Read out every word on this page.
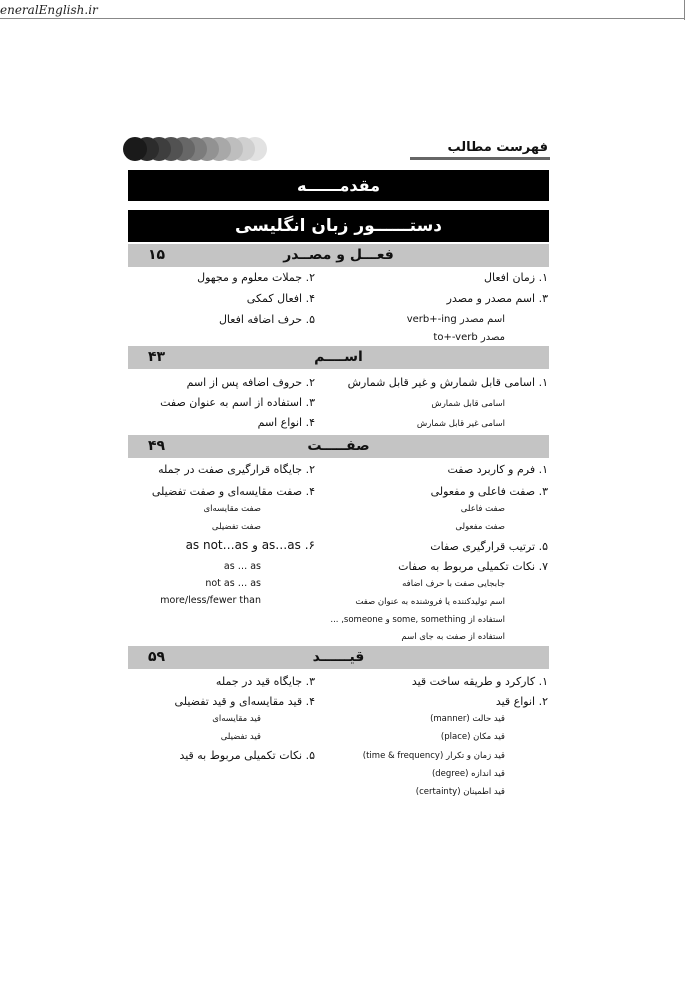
eneralEnglish.ir
فهرست مطالب
مقدمــــــه
دستــــــور زبان انگلیسی
فعـــل و مصــدر
۱۵
۱. زمان افعال
۲. جملات معلوم و مجهول
۳. اسم مصدر و مصدر
۴. افعال کمکی
اسم مصدر verb+-ing
۵. حرف اضافه افعال
مصدر to+-verb
اســــم
۴۳
۱. اسامی قابل شمارش و غیر قابل شمارش
۲. حروف اضافه پس از اسم
اسامی قابل شمارش
۳. استفاده از اسم به عنوان صفت
اسامی غیر قابل شمارش
۴. انواع اسم
صفـــــت
۴۹
۱. فرم و کاربرد صفت
۲. جایگاه قرارگیری صفت در جمله
۳. صفت فاعلی و مفعولی
۴. صفت مقایسه‌ای و صفت تفضیلی
صفت فاعلی
صفت مقایسه‌ای
صفت مفعولی
صفت تفضیلی
۵. ترتیب قرارگیری صفات
۶. as…as و as not…as
۷. نکات تکمیلی مربوط به صفات
as … as
جابجایی صفت با حرف اضافه
not as … as
اسم تولیدکننده یا فروشنده به عنوان صفت
more/less/fewer than
استفاده از some, something و someone, ...
استفاده از صفت به جای اسم
قیــــــد
۵۹
۱. کارکرد و طریقه ساخت قید
۳. جایگاه قید در جمله
۲. انواع قید
۴. قید مقایسه‌ای و قید تفضیلی
قید حالت (manner)
قید مقایسه‌ای
قید مکان (place)
قید تفضیلی
قید زمان و تکرار (time & frequency)
۵. نکات تکمیلی مربوط به قید
قید اندازه (degree)
قید اطمینان (certainty)
